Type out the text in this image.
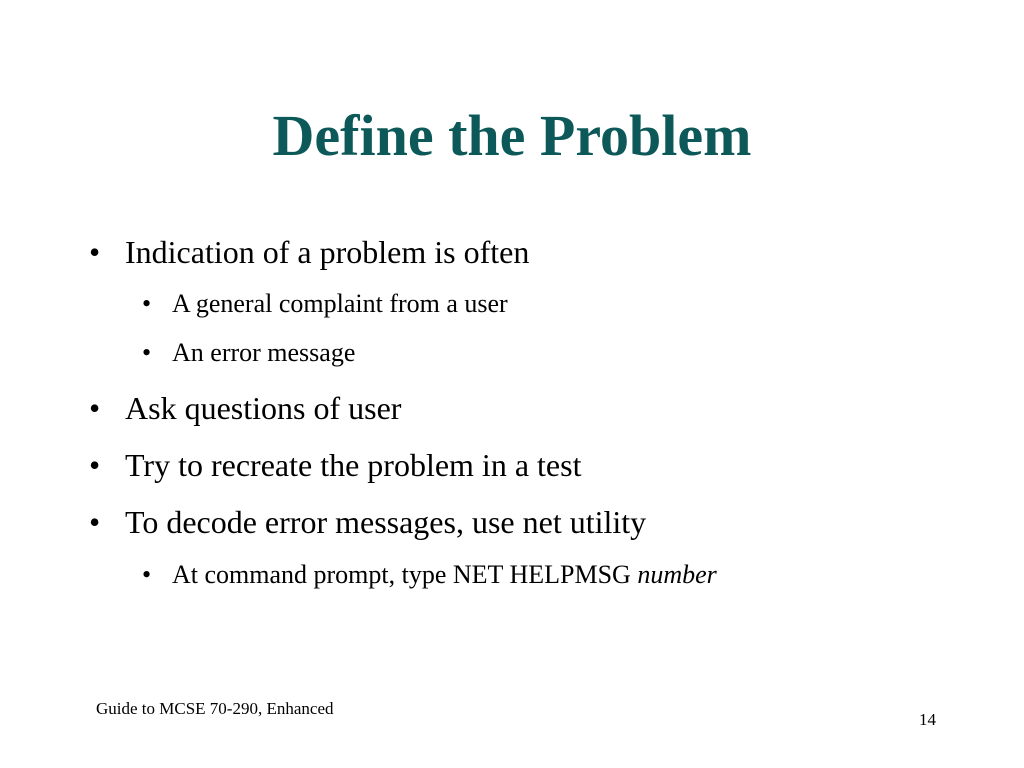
Define the Problem
• Indication of a problem is often
• A general complaint from a user
• An error message
• Ask questions of user
• Try to recreate the problem in a test
• To decode error messages, use net utility
• At command prompt, type NET HELPMSG number
Guide to MCSE 70-290, Enhanced
14
